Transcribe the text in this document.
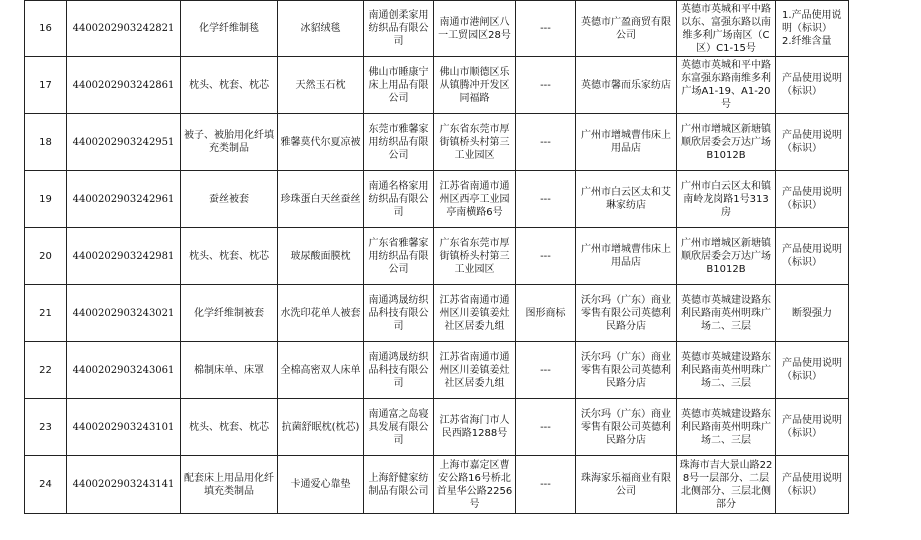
16	4400202903242821	化学纤维制毯	冰貂绒毯	南通创柔家用纺织品有限公司	南通市港闸区八一工贸园区28号	---	英德市广盈商贸有限公司	英德市英城和平中路以东、富强东路以南维多利广场南区（C区）C1-15号	1.产品使用说明（标识）
2.纤维含量
17	4400202903242861	枕头、枕套、枕芯	天然玉石枕	佛山市睡康宁床上用品有限公司	佛山市顺德区乐从镇腾冲开发区同福路	---	英德市馨而乐家纺店	英德市英城和平中路东富强东路南维多利广场A1-19、A1-20号	产品使用说明（标识）
18	4400202903242951	被子、被胎用化纤填充类制品	雅馨莫代尔夏凉被	东莞市雅馨家用纺织品有限公司	广东省东莞市厚街镇桥头村第三工业园区	---	广州市增城曹伟床上用品店	广州市增城区新塘镇顺欣居委会万达广场B1012B	产品使用说明（标识）
19	4400202903242961	蚕丝被套	珍珠蛋白天丝蚕丝	南通名格家用纺织品有限公司	江苏省南通市通州区西亭工业园亭南横路6号	---	广州市白云区太和艾琳家纺店	广州市白云区太和镇南岭龙岗路1号313房	产品使用说明（标识）
20	4400202903242981	枕头、枕套、枕芯	玻尿酸面膜枕	广东省雅馨家用纺织品有限公司	广东省东莞市厚街镇桥头村第三工业园区	---	广州市增城曹伟床上用品店	广州市增城区新塘镇顺欣居委会万达广场B1012B	产品使用说明（标识）
21	4400202903243021	化学纤维制被套	水洗印花单人被套	南通鸿晟纺织品科技有限公司	江苏省南通市通州区川姜镇姜灶社区居委九组	图形商标	沃尔玛（广东）商业零售有限公司英德利民路分店	英德市英城建设路东利民路南英州明珠广场二、三层	断裂强力
22	4400202903243061	棉制床单、床罩	全棉高密双人床单	南通鸿晟纺织品科技有限公司	江苏省南通市通州区川姜镇姜灶社区居委九组	---	沃尔玛（广东）商业零售有限公司英德利民路分店	英德市英城建设路东利民路南英州明珠广场二、三层	产品使用说明（标识）
23	4400202903243101	枕头、枕套、枕芯	抗菌舒眠枕(枕芯)	南通富之岛寝具发展有限公司	江苏省海门市人民西路1288号	---	沃尔玛（广东）商业零售有限公司英德利民路分店	英德市英城建设路东利民路南英州明珠广场二、三层	产品使用说明（标识）
24	4400202903243141	配套床上用品用化纤填充类制品	卡通爱心靠垫	上海舒健家纺制品有限公司	上海市嘉定区曹安公路16号桥北首星华公路2256号	---	珠海家乐福商业有限公司	珠海市吉大景山路228号一层部分、二层北侧部分、三层北侧部分	产品使用说明（标识）
